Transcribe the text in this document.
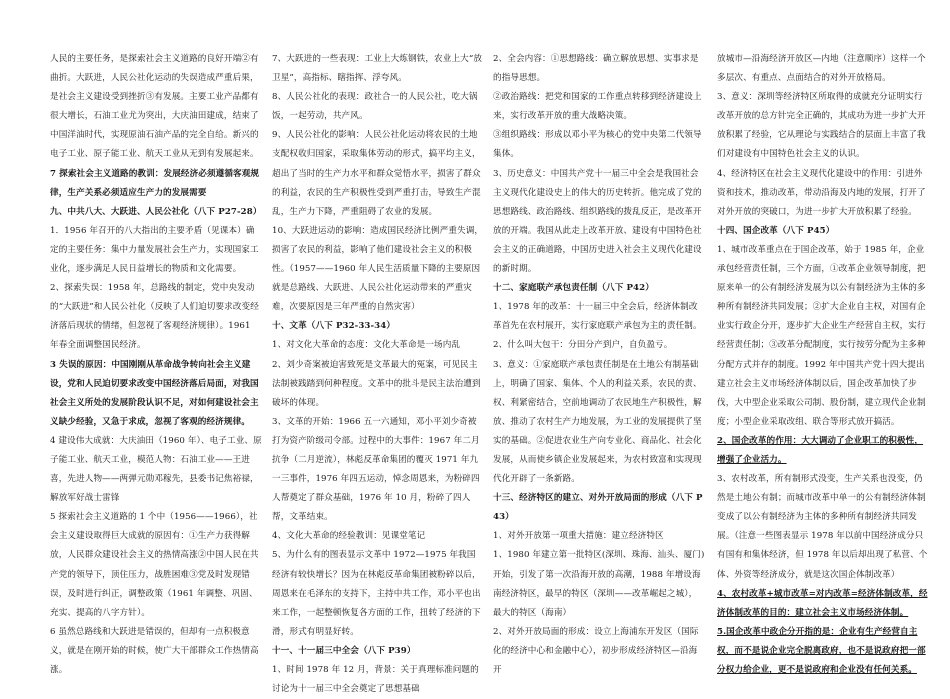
人民的主要任务，是探索社会主义道路的良好开端②有曲折。大跃进，人民公社化运动的失误造成严重后果，是社会主义建设受到挫折③有发展。主要工业产品都有很大增长，石油工业尤为突出，大庆油田建成，结束了中国洋油时代，实现原油石油产品的完全自给。新兴的电子工业、原子能工业、航天工业从无到有发展起来。

7 探索社会主义道路的教训：发展经济必须遵循客观规律，生产关系必须适应生产力的发展需要

九、中共八大、大跃进、人民公社化（八下 P27-28）

1．1956 年召开的八大指出的主要矛盾（见课本）确定的主要任务：集中力量发展社会生产力，实现国家工业化，逐步满足人民日益增长的物质和文化需要。

2、探索失误：1958 年，总路线的制定，党中央发动的“大跃进”和人民公社化（反映了人们迫切要求改变经济落后现状的情绪，但忽视了客观经济规律）。1961 年春全面调整国民经济。

3 失误的原因：中国刚刚从革命战争转向社会主义建设，党和人民迫切要求改变中国经济落后局面，对我国社会主义所处的发展阶段认识不足，对如何建设社会主义缺少经验，又急于求成，忽视了客观的经济规律。

4 建设伟大成就：大庆油田（1960 年）、电子工业、原子能工业、航天工业，模范人物：石油工业——王进喜，先进人物——两弹元勋邓稼先，县委书记焦裕禄，解放军好战士雷锋

5 探索社会主义道路的 1 个中（1956——1966），社会主义建设取得巨大成就的原因有：①生产力获得解放，人民群众建设社会主义的热情高涨②中国人民在共产党的领导下，顶住压力，战胜困难③党及时发现错误，及时进行纠正，调整政策（1961 年调整、巩固、充实、提高的八字方针）。

6 虽然总路线和大跃进是错误的，但却有一点积极意义，就是在刚开始的时候，使广大干部群众工作热情高涨。

7、大跃进的一些表现：工业上大炼钢铁，农业上大“放卫星”，高指标、瞎指挥、浮夸风。

8、人民公社化的表现：政社合一的人民公社，吃大锅饭，一起劳动，共产风。

9、人民公社化的影响：人民公社化运动将农民的土地支配权收归国家，采取集体劳动的形式，搞平均主义，超出了当时的生产力水平和群众觉悟水平，损害了群众的利益，农民的生产积极性受到严重打击，导致生产混乱，生产力下降，严重阻碍了农业的发展。

10、大跃进运动的影响：造成国民经济比例严重失调，损害了农民的利益，影响了他们建设社会主义的积极性。（1957——1960 年人民生活质量下降的主要原因就是总路线、大跃进、人民公社化运动带来的严重灾难，次要原因是三年严重的自然灾害）

十、文革（八下 P32-33-34）

1、对文化大革命的态度：文化大革命是一场内乱

2、刘少奇案被迫害致死是文革最大的冤案，可见民主法制被践踏到何种程度。文革中的批斗是民主法治遭到破坏的体现。

3、文革的开始：1966 五一六通知，邓小平刘少奇被打为资产阶级司令部。过程中的大事件：1967 年二月抗争（二月逆流），林彪反革命集团的覆灭 1971 年九一三事件，1976 年四五运动，悼念周恩来，为粉碎四人帮奠定了群众基础，1976 年 10 月，粉碎了四人帮，文革结束。

4、文化大革命的经验教训：见课堂笔记

5、为什么有的图表显示文革中 1972—1975 年我国经济有较快增长？因为在林彪反革命集团被粉碎以后，周恩来在毛泽东的支持下，主持中共工作，邓小平也出来工作，一起整顿恢复各方面的工作，扭转了经济的下滑，形式有明显好转。

十一、十一届三中全会（八下 P39）

1、时间 1978 年 12 月，背景：关于真理标准问题的讨论为十一届三中全会奠定了思想基础

2、全会内容：①思想路线：确立解放思想、实事求是的指导思想。

②政治路线：把党和国家的工作重点转移到经济建设上来，实行改革开放的重大战略决策。

③组织路线：形成以邓小平为核心的党中央第二代领导集体。

3、历史意义：中国共产党十一届三中全会是我国社会主义现代化建设史上的伟大的历史转折。他完成了党的思想路线、政治路线、组织路线的拨乱反正，是改革开放的开端。我国从此走上改革开放、建设有中国特色社会主义的正确道路，中国历史进入社会主义现代化建设的新时期。

十二、家庭联产承包责任制（八下 P42）

1、1978 年的改革：十一届三中全会后，经济体制改革首先在农村展开，实行家庭联产承包为主的责任制。

2、什么叫大包干：分田分产到户，自负盈亏。

3、意义：①家庭联产承包责任制是在土地公有制基础上，明确了国家、集体、个人的利益关系，农民的责、权、利紧密结合，空前地调动了农民地生产积极性，解放、推动了农村生产力地发展，为工业的发展提供了坚实的基础。②促进农业生产向专业化、商品化、社会化发展，从而使乡镇企业发展起来，为农村致富和实现现代化开辟了一条新路。

十三、经济特区的建立、对外开放局面的形成（八下 P43）

1、对外开放第一项重大措施：建立经济特区

1、1980 年建立第一批特区(深圳、珠海、汕头、厦门)开始，引发了第一次沿海开放的高潮，1988 年增设海南经济特区，最早的特区（深圳——改革崛起之城），最大的特区（海南）

2、对外开放局面的形成：设立上海浦东开发区（国际化的经济中心和金融中心），初步形成经济特区—沿海开

放城市—沿海经济开放区—内地（注意顺序）这样一个多层次、有重点、点面结合的对外开放格局。

3、意义：深圳等经济特区所取得的成就充分证明实行改革开放的总方针完全正确的，其成功为进一步扩大开放积累了经验，它从理论与实践结合的层面上丰富了我们对建设有中国特色社会主义的认识。

4、经济特区在社会主义现代化建设中的作用：引进外资和技术，推动改革，带动沿海及内地的发展，打开了对外开放的突破口，为进一步扩大开放积累了经验。

十四、国企改革（八下 P45）

1、城市改革重点在于国企改革，始于 1985 年，企业承包经营责任制，三个方面，①改革企业领导制度，把原来单一的公有制经济发展为以公有制经济为主体的多种所有制经济共同发展；②扩大企业自主权，对国有企业实行政企分开，逐步扩大企业生产经营自主权，实行经营责任制；③改革分配制度，实行按劳分配为主多种分配方式并存的制度。1992 年中国共产党十四大提出建立社会主义市场经济体制以后，国企改革加快了步伐，大中型企业采取公司制、股份制，建立现代企业制度；小型企业采取改组、联合等形式放开搞活。

2、国企改革的作用：大大调动了企业职工的积极性，增强了企业活力。

3、农村改革，所有制形式没变，生产关系也没变，仍然是土地公有制；而城市改革中单一的公有制经济体制变成了以公有制经济为主体的多种所有制经济共同发展。（注意一些图表显示 1978 年以前中国经济成分只有国有和集体经济，但 1978 年以后却出现了私营、个体、外资等经济成分，就是这次国企体制改革）

4、农村改革+城市改革=对内改革=经济体制改革，经济体制改革的目的：建立社会主义市场经济体制。

5.国企改革中政企分开指的是：企业有生产经营自主权，而不是说企业完全脱离政府，也不是说政府把一部分权力给企业，更不是说政府和企业没有任何关系。
